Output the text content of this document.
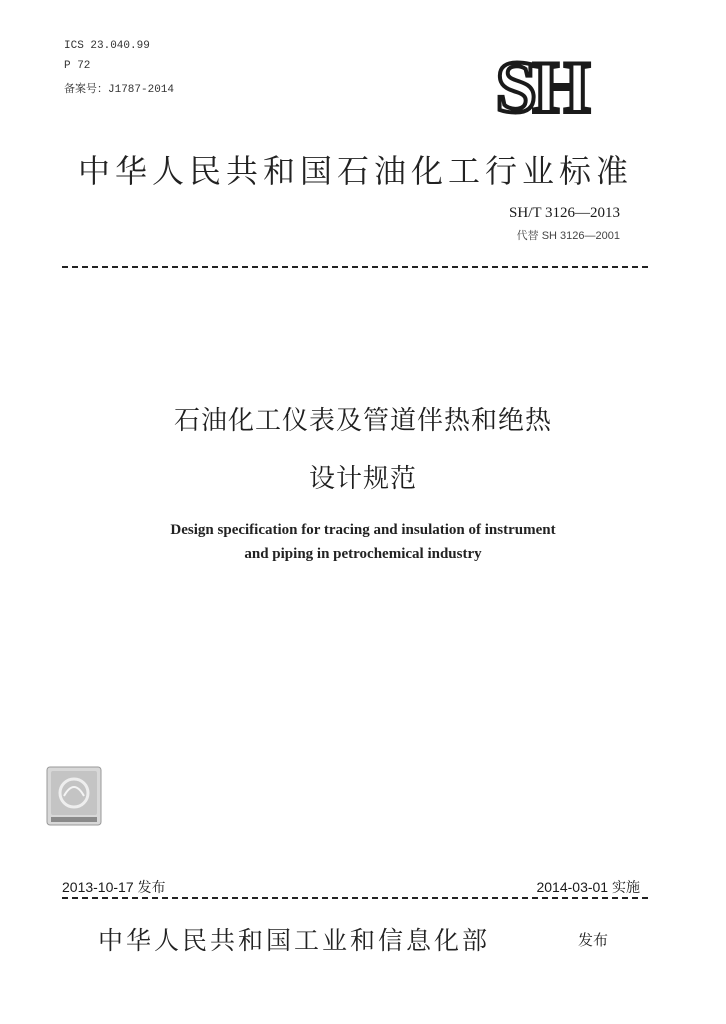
ICS 23.040.99
P 72
备案号：J1787-2014	SH
中华人民共和国石油化工行业标准
SH/T 3126—2013
代替 SH 3126—2001
石油化工仪表及管道伴热和绝热
设计规范
Design specification for tracing and insulation of instrument
and piping in petrochemical industry
2013-10-17 发布	2014-03-01 实施
中华人民共和国工业和信息化部	发布
